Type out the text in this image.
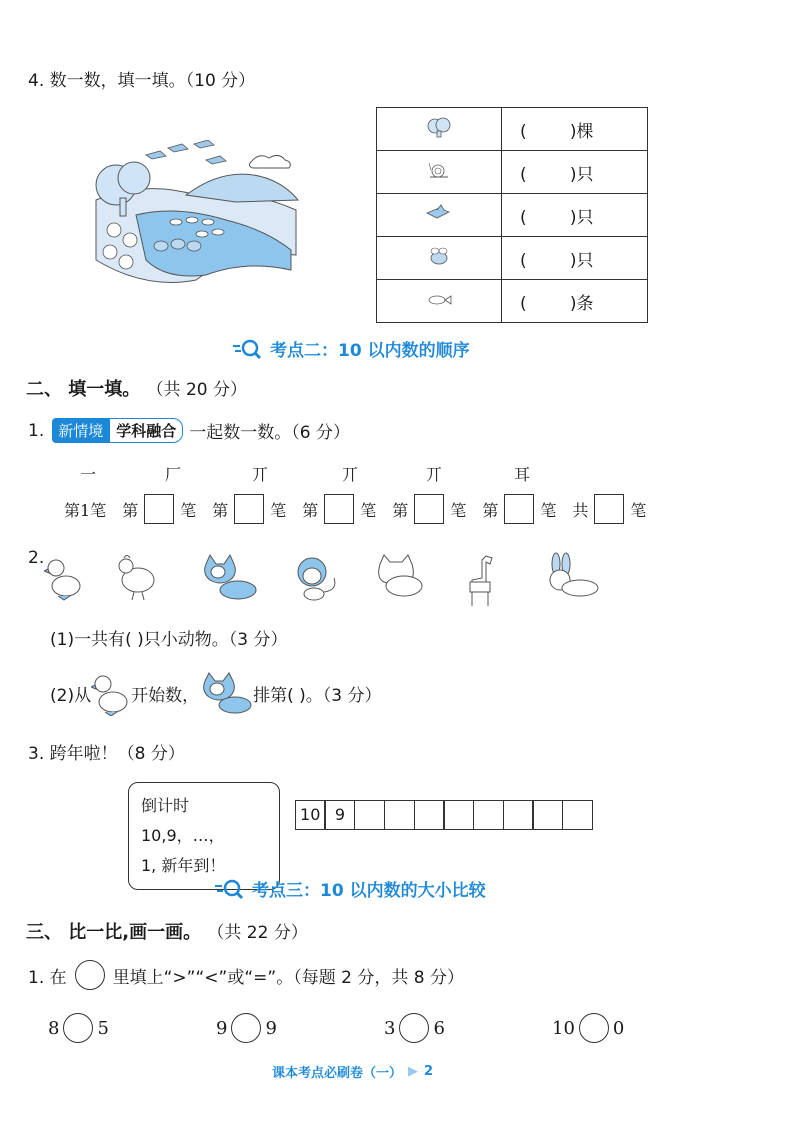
4. 数一数，填一填。（10 分）
	(        )棵
	(        )只
	(        )只
	(        )只
	(        )条
考点二：10 以内数的顺序
二、 填一填。 （共 20 分）
1. 新情境 学科融合 一起数一数。（6 分）
一	厂	丌	丌	丌	耳
第1笔 第	笔 第	笔 第	笔 第	笔 第	笔 共	笔
2.
(1)一共有( )只小动物。（3 分）
(2)从 开始数，	排第( )。（3 分）
3. 跨年啦！（8 分）
倒计时10,9，…，
1, 新年到！
10 9
考点三：10 以内数的大小比较
三、 比一比,画一画。 （共 22 分）
1. 在	里填上“>”“<”或“=”。（每题 2 分，共 8 分）
8 5	9 9	3 6	10 0
课本考点必刷卷（一） ▶ 2
